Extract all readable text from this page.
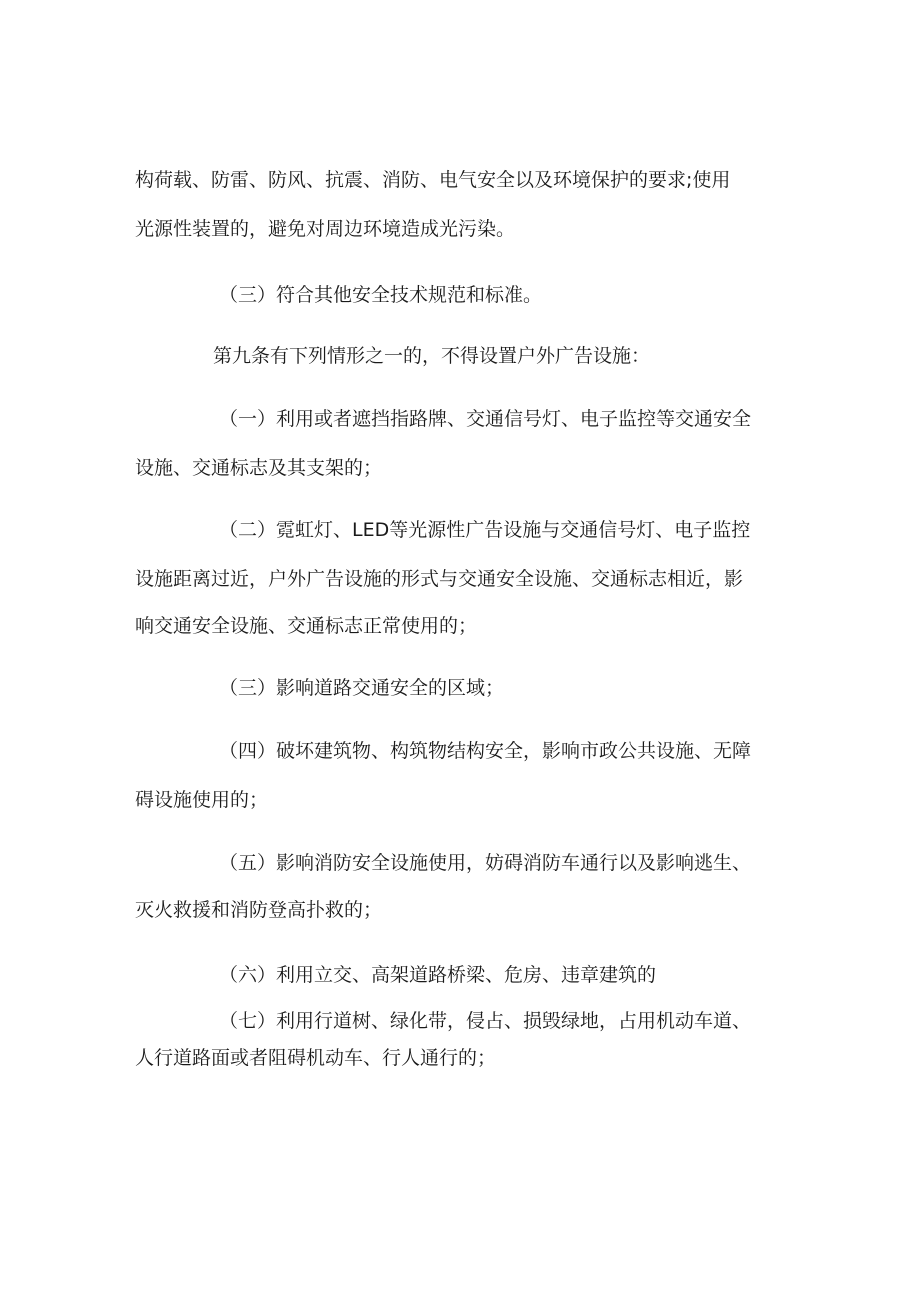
构荷载、防雷、防风、抗震、消防、电气安全以及环境保护的要求;使用

光源性装置的，避免对周边环境造成光污染。

（三）符合其他安全技术规范和标准。

第九条有下列情形之一的，不得设置户外广告设施：

（一）利用或者遮挡指路牌、交通信号灯、电子监控等交通安全

设施、交通标志及其支架的；

（二）霓虹灯、LED等光源性广告设施与交通信号灯、电子监控

设施距离过近，户外广告设施的形式与交通安全设施、交通标志相近，影

响交通安全设施、交通标志正常使用的；

（三）影响道路交通安全的区域；

（四）破坏建筑物、构筑物结构安全，影响市政公共设施、无障

碍设施使用的；

（五）影响消防安全设施使用，妨碍消防车通行以及影响逃生、

灭火救援和消防登高扑救的；

（六）利用立交、高架道路桥梁、危房、违章建筑的

（七）利用行道树、绿化带，侵占、损毁绿地，占用机动车道、

人行道路面或者阻碍机动车、行人通行的；
